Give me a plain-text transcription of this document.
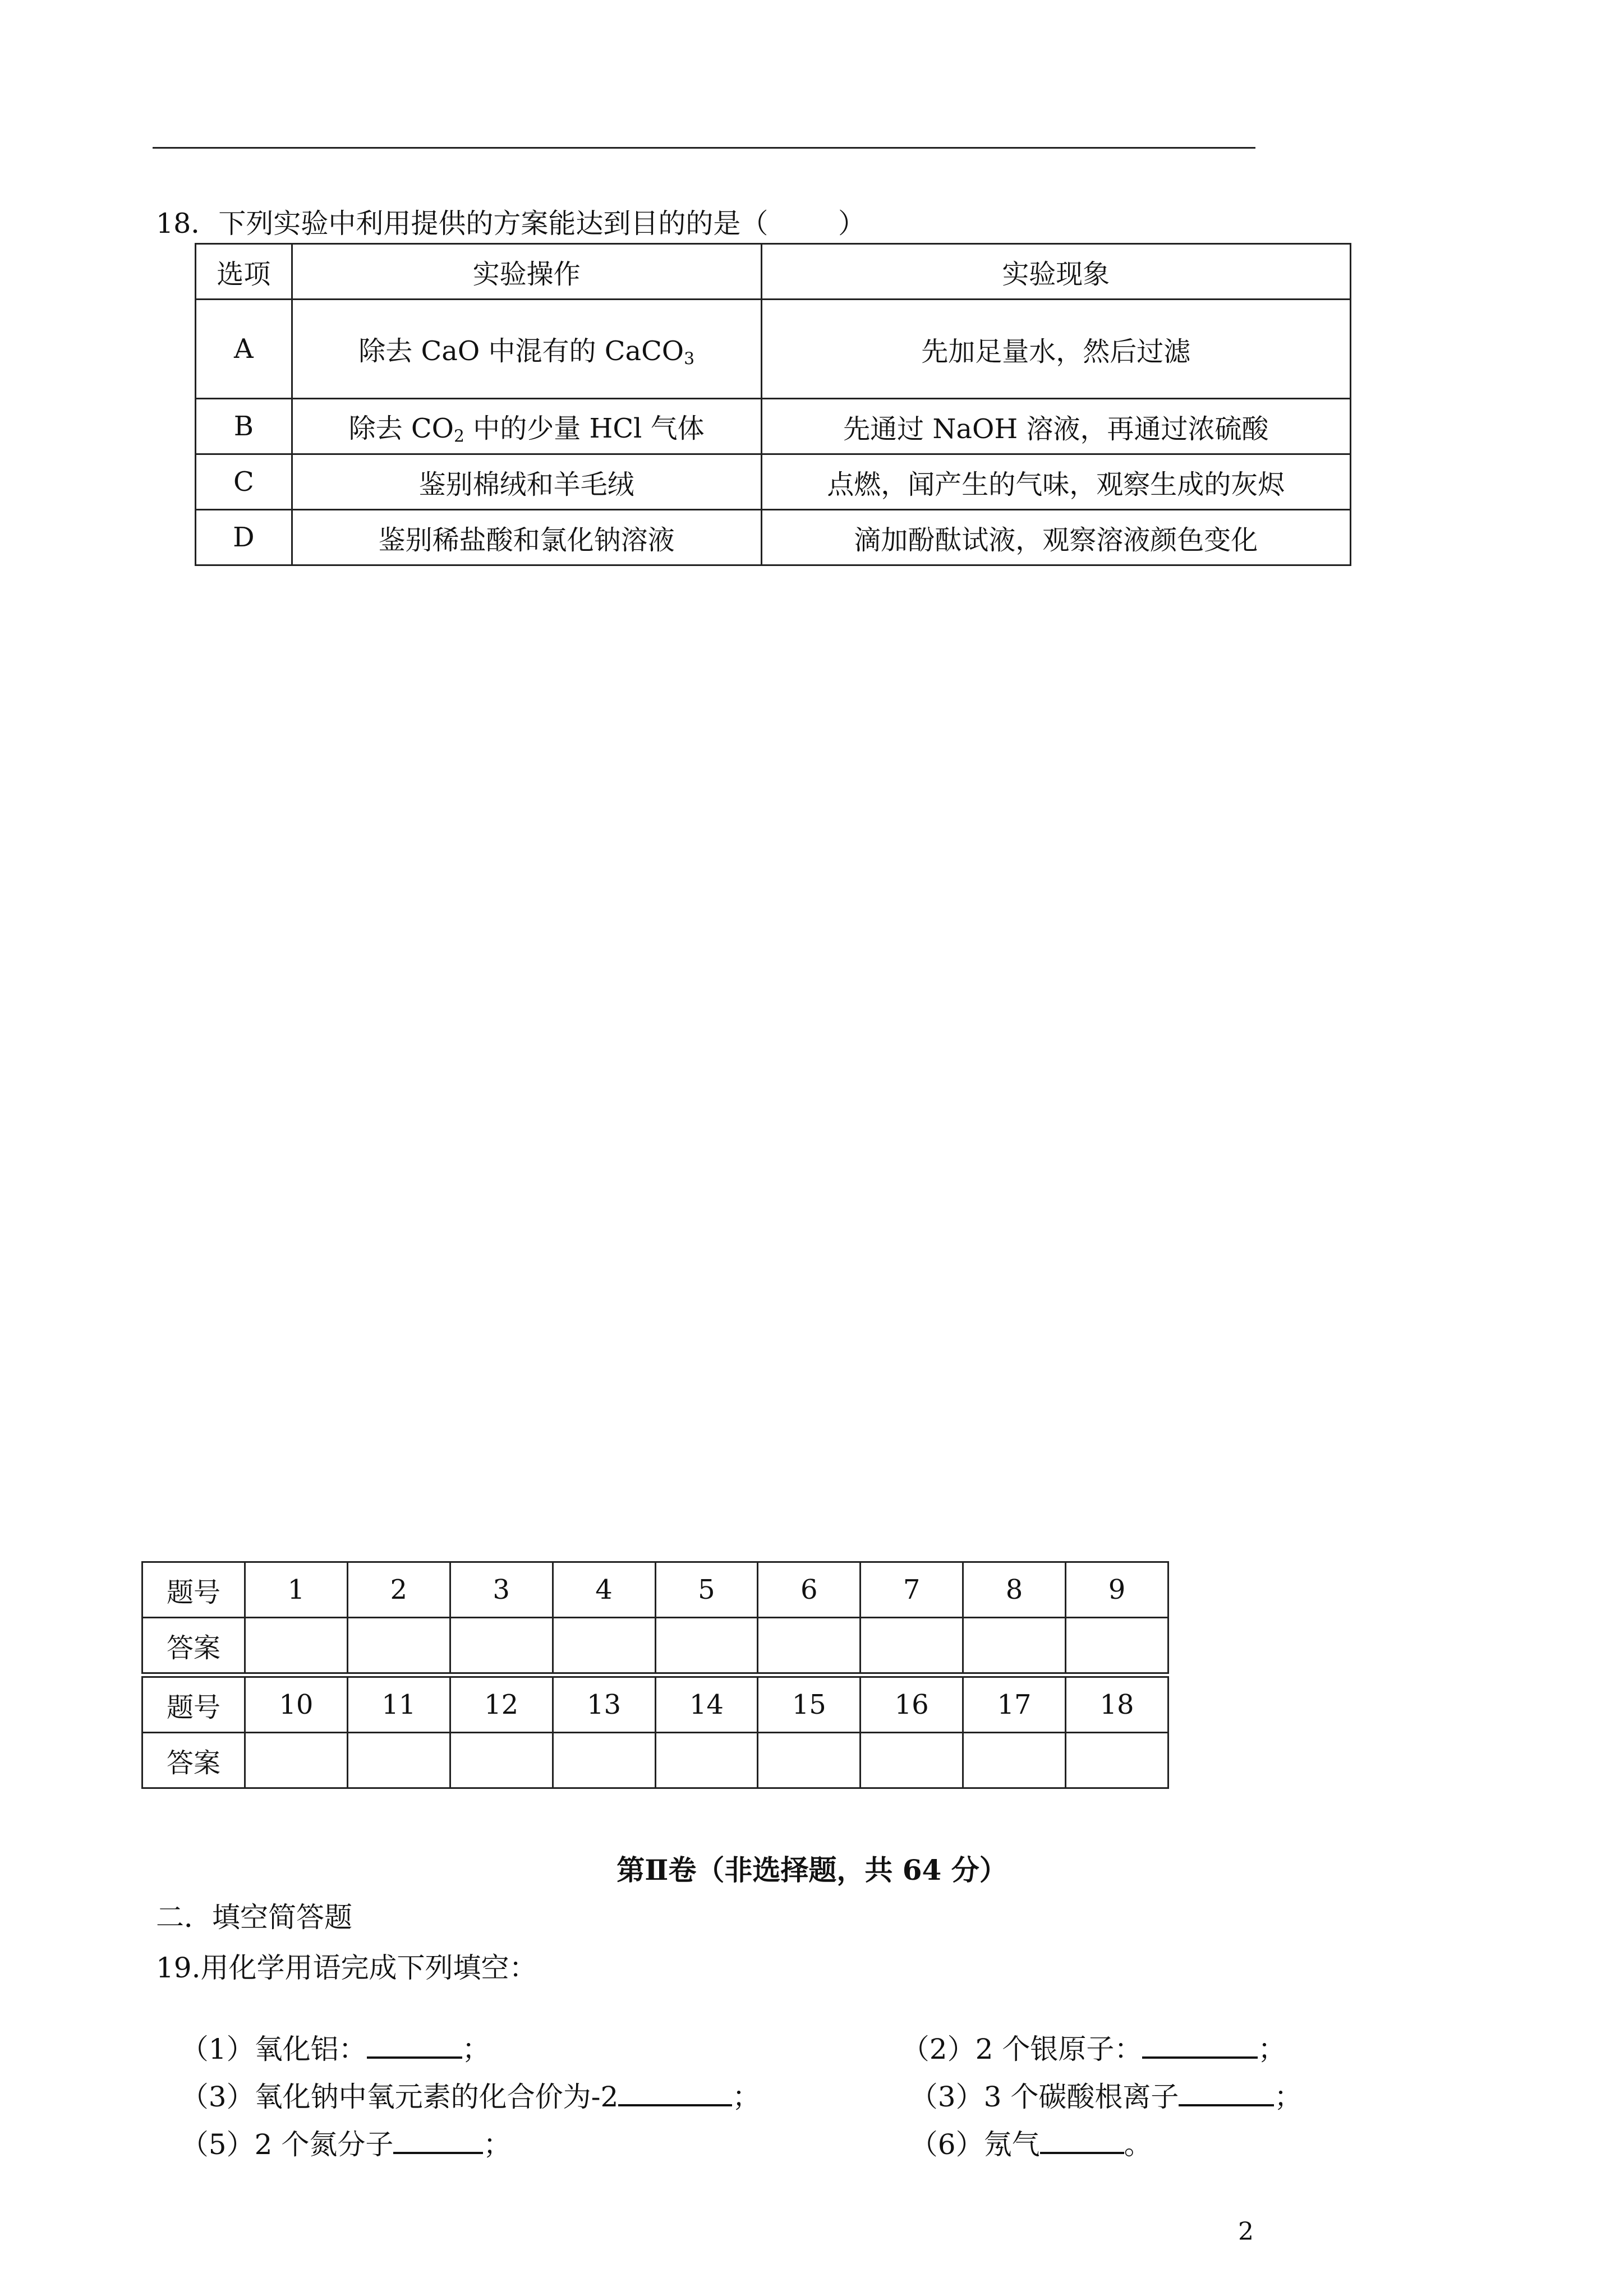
18．下列实验中利用提供的方案能达到目的的是（        ）
选项	实验操作	实验现象
A	除去 CaO 中混有的 CaCO$_3$	先加足量水，然后过滤
B	除去 $CO_2$ 中的少量 HCl 气体	先通过 NaOH 溶液，再通过浓硫酸
C	鉴别棉绒和羊毛绒	点燃，闻产生的气味，观察生成的灰烬
D	鉴别稀盐酸和氯化钠溶液	滴加酚酞试液，观察溶液颜色变化
题号	1	2	3	4	5	6	7	8	9
答案									
题号	10	11	12	13	14	15	16	17	18
答案									
第Ⅱ卷（非选择题，共 64 分）
二．填空简答题
19.用化学用语完成下列填空：

（1）氧化铝：	；	（2）2 个银原子：	；

（3）氧化钠中氧元素的化合价为-2	；	（3）3 个碳酸根离子	；

（5）2 个氮分子	；	（6）氖气	。

2
